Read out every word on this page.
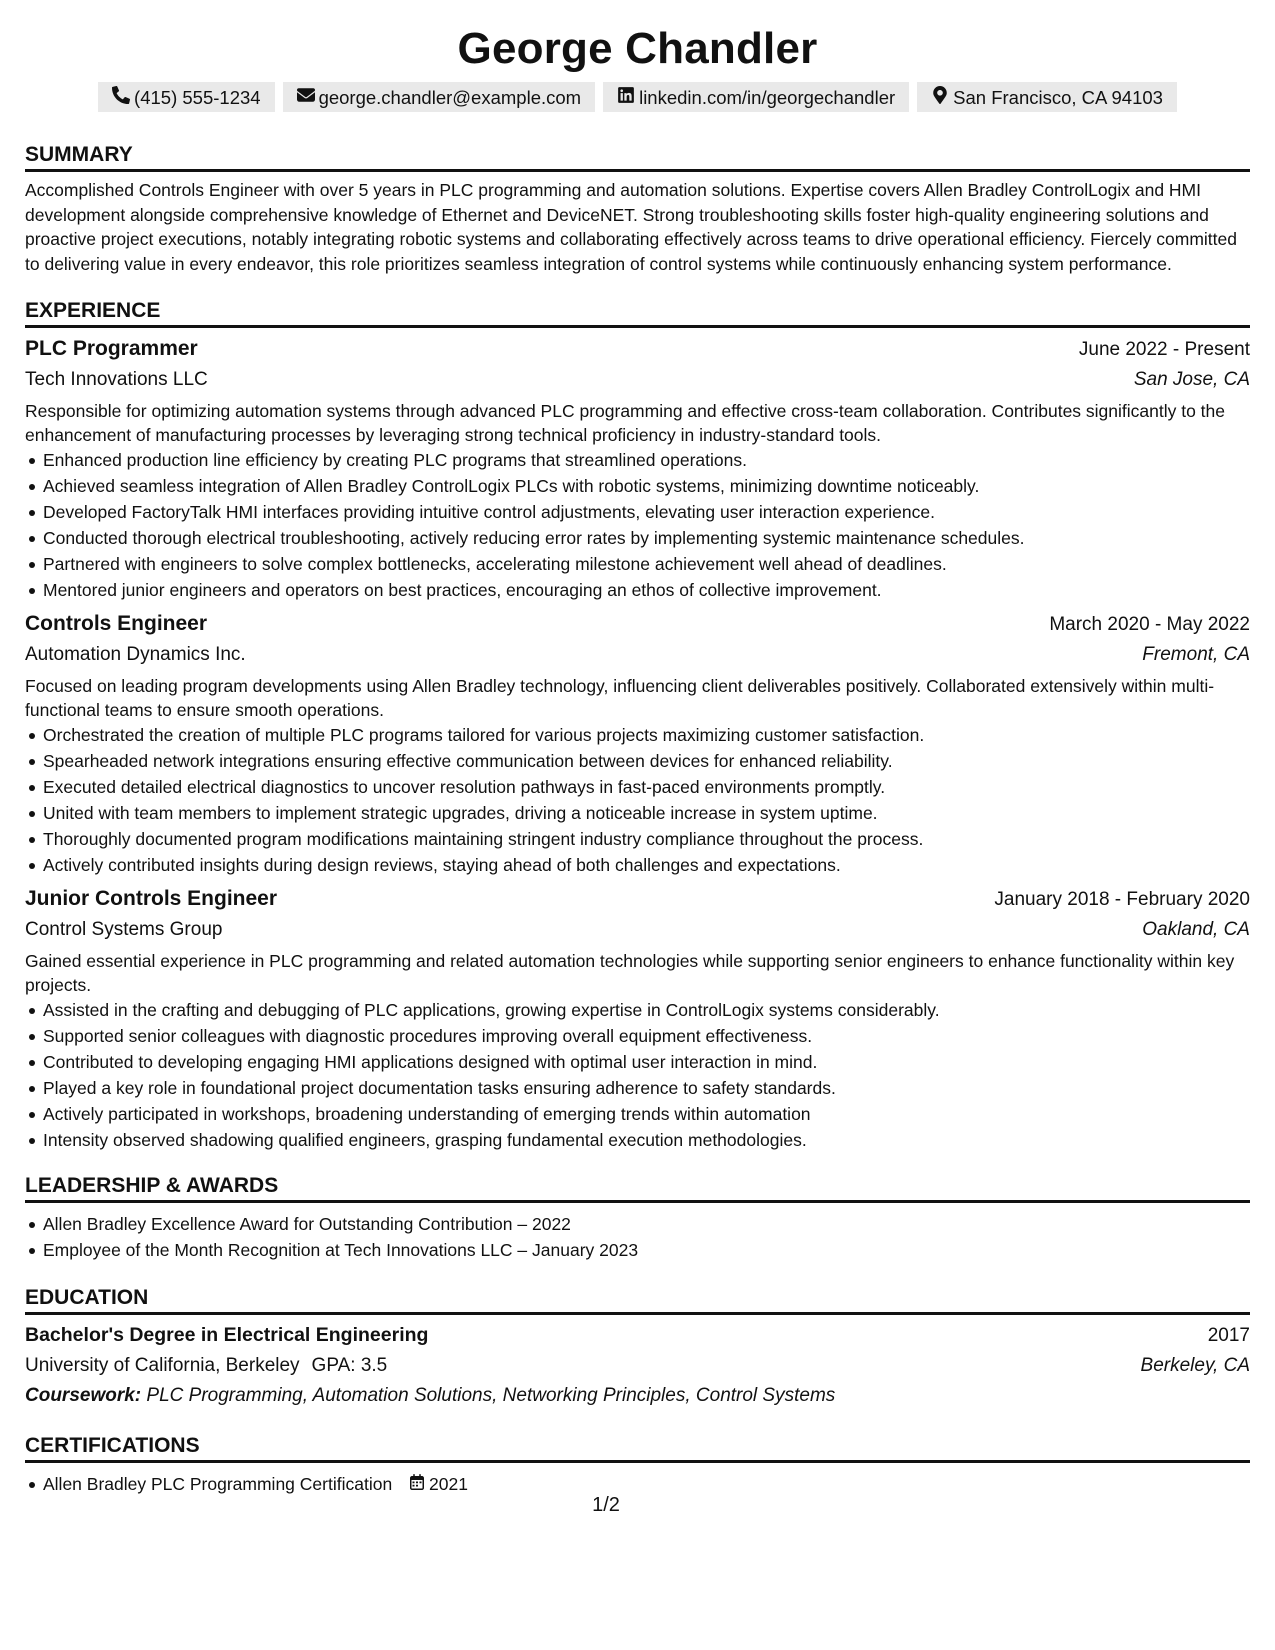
George Chandler
(415) 555-1234	george.chandler@example.com	linkedin.com/in/georgechandler	San Francisco, CA 94103
SUMMARY

Accomplished Controls Engineer with over 5 years in PLC programming and automation solutions. Expertise covers Allen Bradley ControlLogix and HMI development alongside comprehensive knowledge of Ethernet and DeviceNET. Strong troubleshooting skills foster high-quality engineering solutions and proactive project executions, notably integrating robotic systems and collaborating effectively across teams to drive operational efficiency. Fiercely committed to delivering value in every endeavor, this role prioritizes seamless integration of control systems while continuously enhancing system performance.

EXPERIENCE
PLC Programmer	June 2022 - Present
Tech Innovations LLC	San Jose, CA

Responsible for optimizing automation systems through advanced PLC programming and effective cross-team collaboration. Contributes significantly to the enhancement of manufacturing processes by leveraging strong technical proficiency in industry-standard tools.

Enhanced production line efficiency by creating PLC programs that streamlined operations.
Achieved seamless integration of Allen Bradley ControlLogix PLCs with robotic systems, minimizing downtime noticeably.
Developed FactoryTalk HMI interfaces providing intuitive control adjustments, elevating user interaction experience.
Conducted thorough electrical troubleshooting, actively reducing error rates by implementing systemic maintenance schedules.
Partnered with engineers to solve complex bottlenecks, accelerating milestone achievement well ahead of deadlines.
Mentored junior engineers and operators on best practices, encouraging an ethos of collective improvement.
Controls Engineer	March 2020 - May 2022
Automation Dynamics Inc.	Fremont, CA

Focused on leading program developments using Allen Bradley technology, influencing client deliverables positively. Collaborated extensively within multi-functional teams to ensure smooth operations.

Orchestrated the creation of multiple PLC programs tailored for various projects maximizing customer satisfaction.
Spearheaded network integrations ensuring effective communication between devices for enhanced reliability.
Executed detailed electrical diagnostics to uncover resolution pathways in fast-paced environments promptly.
United with team members to implement strategic upgrades, driving a noticeable increase in system uptime.
Thoroughly documented program modifications maintaining stringent industry compliance throughout the process.
Actively contributed insights during design reviews, staying ahead of both challenges and expectations.
Junior Controls Engineer	January 2018 - February 2020
Control Systems Group	Oakland, CA

Gained essential experience in PLC programming and related automation technologies while supporting senior engineers to enhance functionality within key projects.

Assisted in the crafting and debugging of PLC applications, growing expertise in ControlLogix systems considerably.
Supported senior colleagues with diagnostic procedures improving overall equipment effectiveness.
Contributed to developing engaging HMI applications designed with optimal user interaction in mind.
Played a key role in foundational project documentation tasks ensuring adherence to safety standards.
Actively participated in workshops, broadening understanding of emerging trends within automation
Intensity observed shadowing qualified engineers, grasping fundamental execution methodologies.
LEADERSHIP & AWARDS
Allen Bradley Excellence Award for Outstanding Contribution – 2022
Employee of the Month Recognition at Tech Innovations LLC – January 2023
EDUCATION
Bachelor's Degree in Electrical Engineering	2017
University of California, Berkeley GPA: 3.5	Berkeley, CA
Coursework: PLC Programming, Automation Solutions, Networking Principles, Control Systems
CERTIFICATIONS
Allen Bradley PLC Programming Certification 2021
1/2
